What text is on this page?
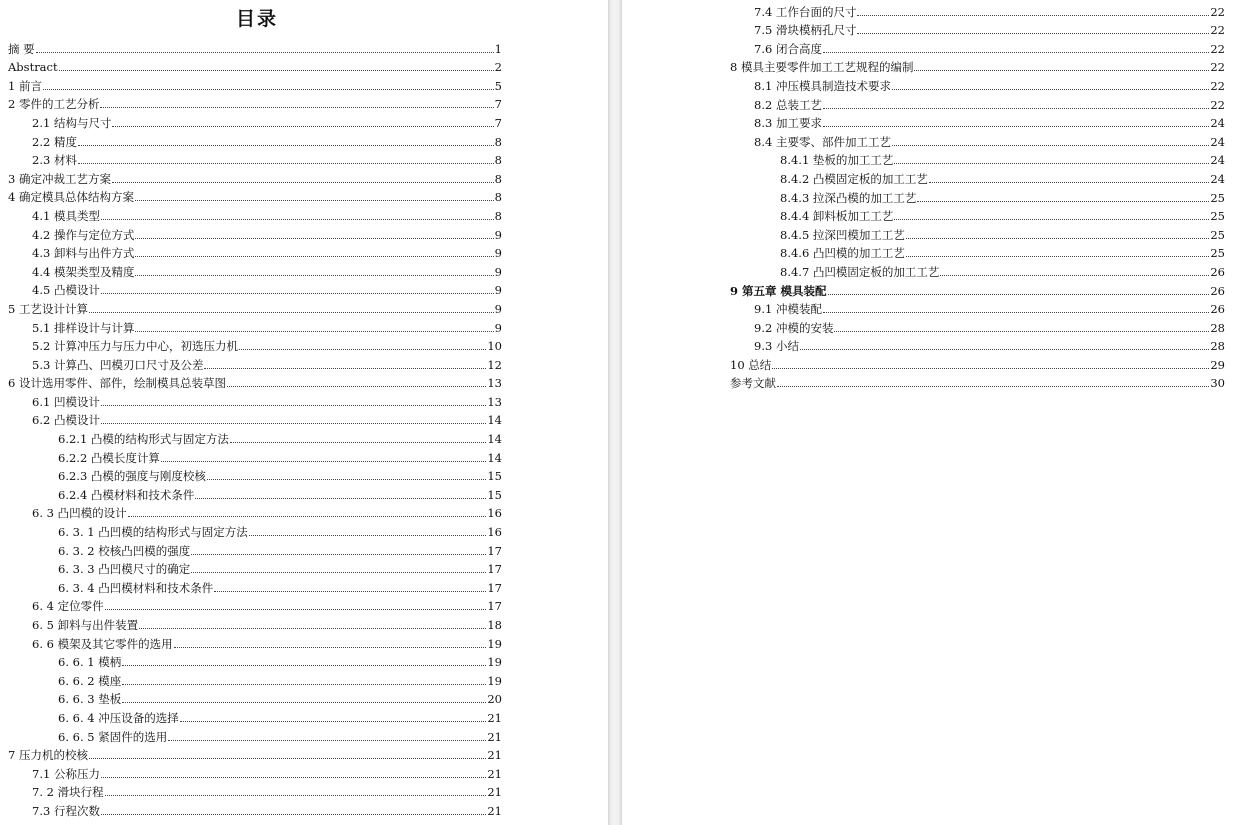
目录
摘 要	1
Abstract	2
1 前言	5
2 零件的工艺分析	7
2.1 结构与尺寸	7
2.2 精度	8
2.3 材料	8
3 确定冲裁工艺方案	8
4 确定模具总体结构方案	8
4.1 模具类型	8
4.2 操作与定位方式	9
4.3 卸料与出件方式	9
4.4 模架类型及精度	9
4.5 凸模设计	9
5 工艺设计计算	9
5.1 排样设计与计算	9
5.2 计算冲压力与压力中心，初选压力机	10
5.3 计算凸、凹模刃口尺寸及公差	12
6 设计选用零件、部件，绘制模具总装草图	13
6.1 凹模设计	13
6.2 凸模设计	14
6.2.1 凸模的结构形式与固定方法	14
6.2.2 凸模长度计算	14
6.2.3 凸模的强度与刚度校核	15
6.2.4 凸模材料和技术条件	15
6. 3 凸凹模的设计	16
6. 3. 1 凸凹模的结构形式与固定方法	16
6. 3. 2 校核凸凹模的强度	17
6. 3. 3 凸凹模尺寸的确定	17
6. 3. 4 凸凹模材料和技术条件	17
6. 4 定位零件	17
6. 5 卸料与出件装置	18
6. 6 模架及其它零件的选用	19
6. 6. 1 模柄	19
6. 6. 2 模座	19
6. 6. 3 垫板	20
6. 6. 4 冲压设备的选择	21
6. 6. 5 紧固件的选用	21
7 压力机的校核	21
7.1 公称压力	21
7. 2 滑块行程	21
7.3 行程次数	21
7.4 工作台面的尺寸	22
7.5 滑块模柄孔尺寸	22
7.6 闭合高度	22
8 模具主要零件加工工艺规程的编制	22
8.1 冲压模具制造技术要求	22
8.2 总装工艺	22
8.3 加工要求	24
8.4 主要零、部件加工工艺	24
8.4.1 垫板的加工工艺	24
8.4.2 凸模固定板的加工工艺	24
8.4.3 拉深凸模的加工工艺	25
8.4.4 卸料板加工工艺	25
8.4.5 拉深凹模加工工艺	25
8.4.6 凸凹模的加工工艺	25
8.4.7 凸凹模固定板的加工工艺	26
9 第五章 模具装配	26
9.1 冲模装配	26
9.2 冲模的安装	28
9.3 小结	28
10 总结	29
参考文献	30
